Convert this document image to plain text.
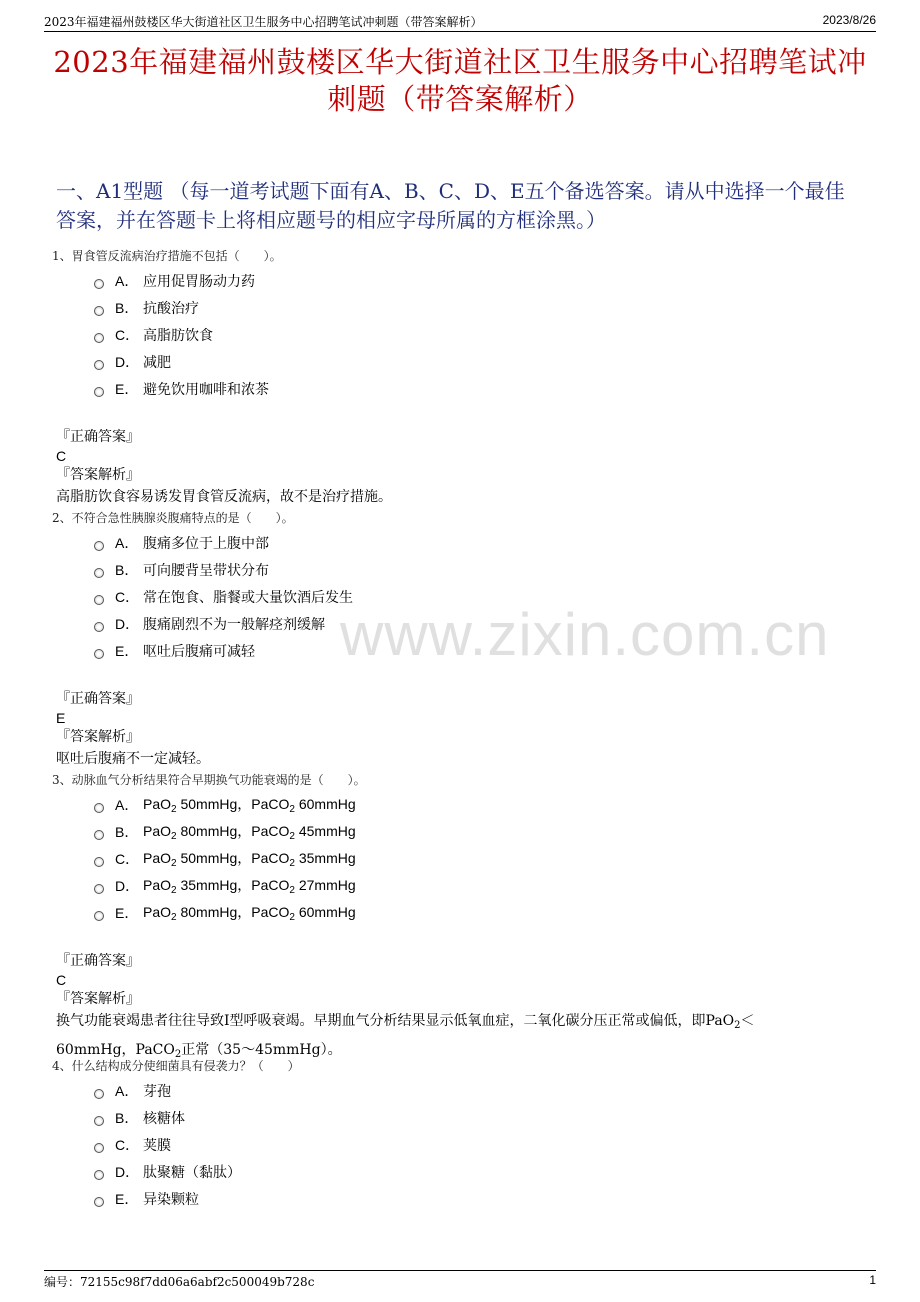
2023年福建福州鼓楼区华大街道社区卫生服务中心招聘笔试冲刺题（带答案解析）	2023/8/26
2023年福建福州鼓楼区华大街道社区卫生服务中心招聘笔试冲刺题（带答案解析）
一、A1型题 （每一道考试题下面有A、B、C、D、E五个备选答案。请从中选择一个最佳答案，并在答题卡上将相应题号的相应字母所属的方框涂黑。）
www.zixin.com.cn
1、胃食管反流病治疗措施不包括（　　）。
A． 应用促胃肠动力药
B． 抗酸治疗
C． 高脂肪饮食
D． 减肥
E． 避免饮用咖啡和浓茶
『正确答案』
C
『答案解析』
高脂肪饮食容易诱发胃食管反流病，故不是治疗措施。
2、不符合急性胰腺炎腹痛特点的是（　　）。
A． 腹痛多位于上腹中部
B． 可向腰背呈带状分布
C． 常在饱食、脂餐或大量饮酒后发生
D． 腹痛剧烈不为一般解痉剂缓解
E． 呕吐后腹痛可减轻
『正确答案』
E
『答案解析』
呕吐后腹痛不一定减轻。
3、动脉血气分析结果符合早期换气功能衰竭的是（　　）。
A． PaO$_2$ 50mmHg，PaCO$_2$ 60mmHg
B． PaO$_2$ 80mmHg，PaCO$_2$ 45mmHg
C． PaO$_2$ 50mmHg，PaCO$_2$ 35mmHg
D． PaO$_2$ 35mmHg，PaCO$_2$ 27mmHg
E． PaO$_2$ 80mmHg，PaCO$_2$ 60mmHg
『正确答案』
C
『答案解析』
换气功能衰竭患者往往导致I型呼吸衰竭。早期血气分析结果显示低氧血症，二氧化碳分压正常或偏低，即PaO$_2$＜
60mmHg，PaCO$_2$正常（35～45mmHg）。
4、什么结构成分使细菌具有侵袭力？（　　）
A． 芽孢
B． 核糖体
C． 荚膜
D． 肽聚糖（黏肽）
E． 异染颗粒
编号：72155c98f7dd06a6abf2c500049b728c	1
